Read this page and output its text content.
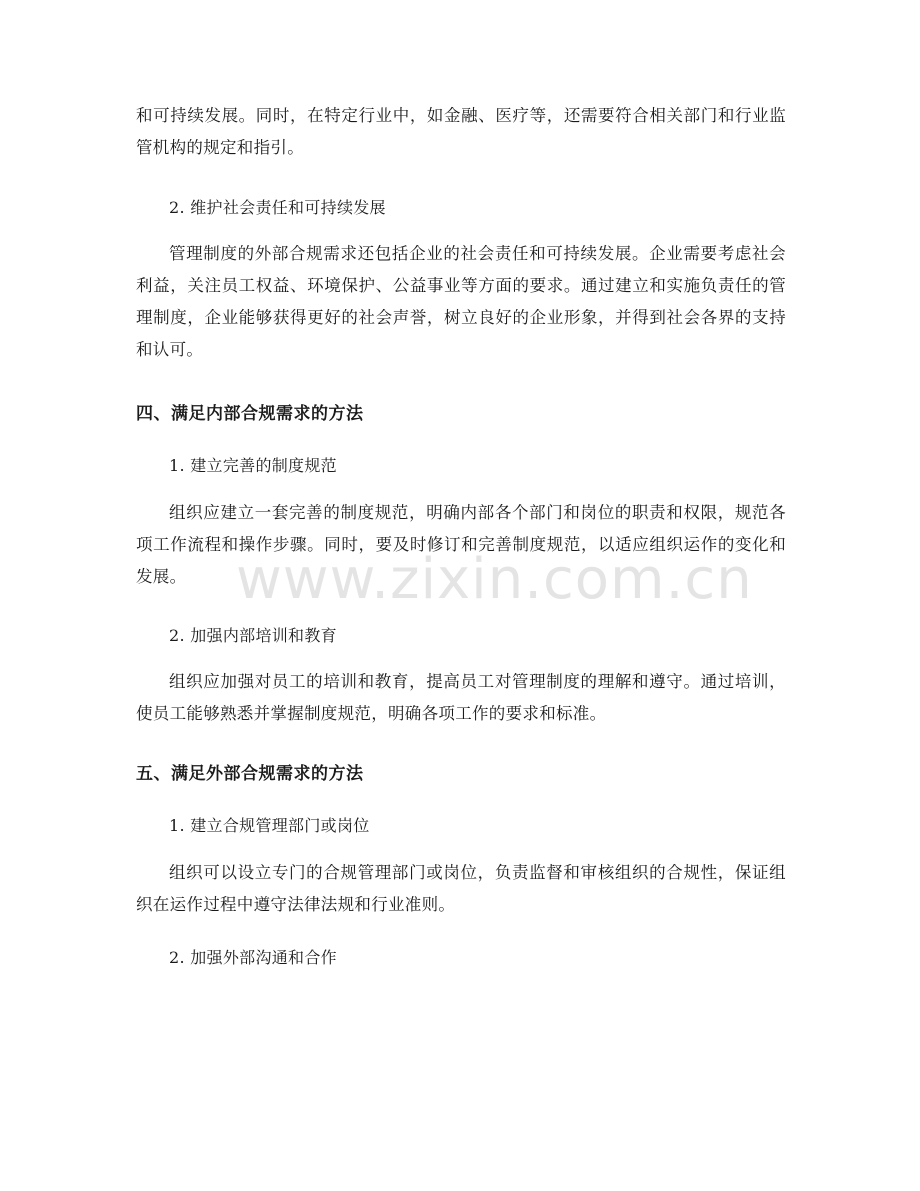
和可持续发展。同时，在特定行业中，如金融、医疗等，还需要符合相关部门和行业监管机构的规定和指引。

2. 维护社会责任和可持续发展

管理制度的外部合规需求还包括企业的社会责任和可持续发展。企业需要考虑社会利益，关注员工权益、环境保护、公益事业等方面的要求。通过建立和实施负责任的管理制度，企业能够获得更好的社会声誉，树立良好的企业形象，并得到社会各界的支持和认可。

四、满足内部合规需求的方法

1. 建立完善的制度规范

组织应建立一套完善的制度规范，明确内部各个部门和岗位的职责和权限，规范各项工作流程和操作步骤。同时，要及时修订和完善制度规范，以适应组织运作的变化和发展。

2. 加强内部培训和教育

组织应加强对员工的培训和教育，提高员工对管理制度的理解和遵守。通过培训，使员工能够熟悉并掌握制度规范，明确各项工作的要求和标准。

五、满足外部合规需求的方法

1. 建立合规管理部门或岗位

组织可以设立专门的合规管理部门或岗位，负责监督和审核组织的合规性，保证组织在运作过程中遵守法律法规和行业准则。

2. 加强外部沟通和合作

www.zixin.com.cn
